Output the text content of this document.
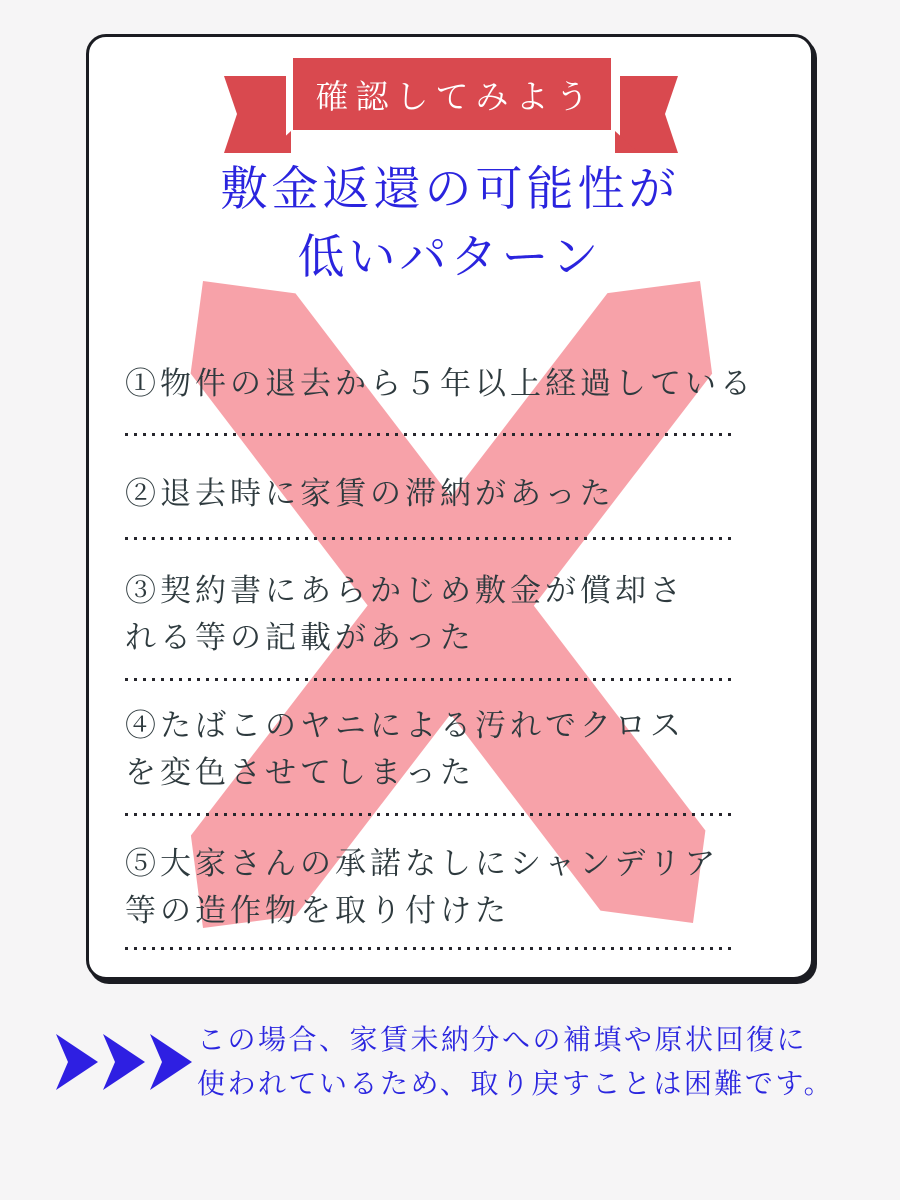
確認してみよう
敷金返還の可能性が
低いパターン
①物件の退去から５年以上経過している
②退去時に家賃の滞納があった
③契約書にあらかじめ敷金が償却さ
れる等の記載があった
④たばこのヤニによる汚れでクロス
を変色させてしまった
⑤大家さんの承諾なしにシャンデリア
等の造作物を取り付けた
この場合、家賃未納分への補填や原状回復に
使われているため、取り戻すことは困難です。
